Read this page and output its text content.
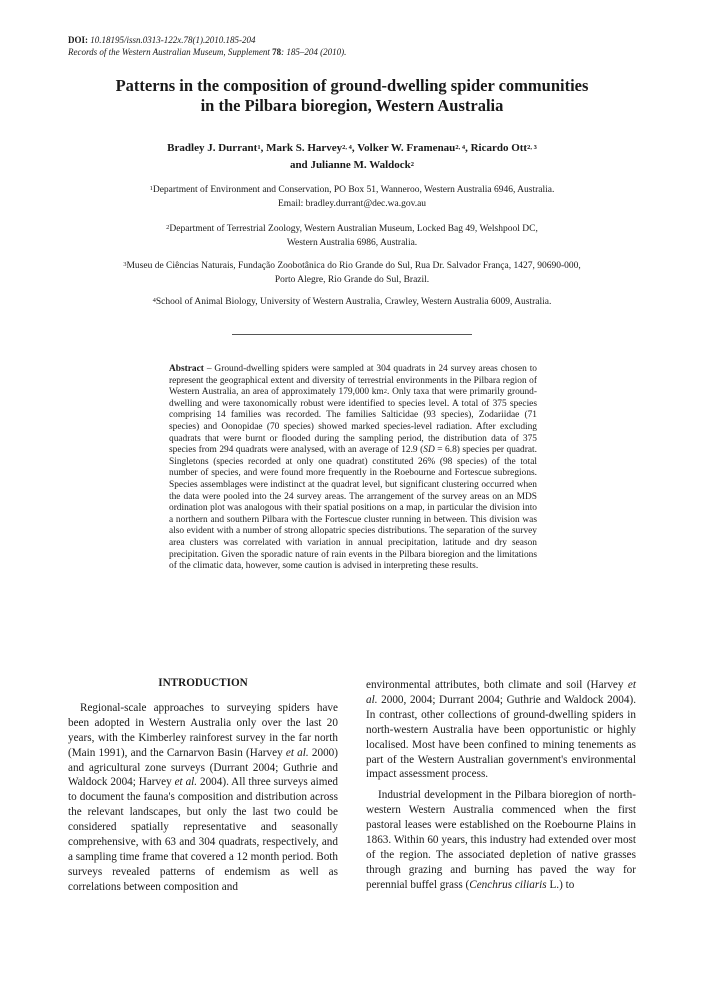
DOI: 10.18195/issn.0313-122x.78(1).2010.185-204
Records of the Western Australian Museum, Supplement 78: 185–204 (2010).
Patterns in the composition of ground-dwelling spider communities
in the Pilbara bioregion, Western Australia
Bradley J. Durrant$^1$, Mark S. Harvey$^{2, 4}$, Volker W. Framenau$^{2, 4}$, Ricardo Ott$^{2, 3}$
and Julianne M. Waldock$^2$
$^1$Department of Environment and Conservation, PO Box 51, Wanneroo, Western Australia 6946, Australia.
Email: bradley.durrant@dec.wa.gov.au
$^2$Department of Terrestrial Zoology, Western Australian Museum, Locked Bag 49, Welshpool DC,
Western Australia 6986, Australia.
$^3$Museu de Ciências Naturais, Fundação Zoobotânica do Rio Grande do Sul, Rua Dr. Salvador França, 1427, 90690-000,
Porto Alegre, Rio Grande do Sul, Brazil.
$^4$School of Animal Biology, University of Western Australia, Crawley, Western Australia 6009, Australia.
Abstract – Ground-dwelling spiders were sampled at 304 quadrats in 24 survey areas chosen to represent the geographical extent and diversity of terrestrial environments in the Pilbara region of Western Australia, an area of approximately 179,000 $km^2$. Only taxa that were primarily ground-dwelling and were taxonomically robust were identified to species level. A total of 375 species comprising 14 families was recorded. The families Salticidae (93 species), Zodariidae (71 species) and Oonopidae (70 species) showed marked species-level radiation. After excluding quadrats that were burnt or flooded during the sampling period, the distribution data of 375 species from 294 quadrats were analysed, with an average of 12.9 (SD = 6.8) species per quadrat. Singletons (species recorded at only one quadrat) constituted 26% (98 species) of the total number of species, and were found more frequently in the Roebourne and Fortescue subregions. Species assemblages were indistinct at the quadrat level, but significant clustering occurred when the data were pooled into the 24 survey areas. The arrangement of the survey areas on an MDS ordination plot was analogous with their spatial positions on a map, in particular the division into a northern and southern Pilbara with the Fortescue cluster running in between. This division was also evident with a number of strong allopatric species distributions. The separation of the survey area clusters was correlated with variation in annual precipitation, latitude and dry season precipitation. Given the sporadic nature of rain events in the Pilbara bioregion and the limitations of the climatic data, however, some caution is advised in interpreting these results.
INTRODUCTION

Regional-scale approaches to surveying spiders have been adopted in Western Australia only over the last 20 years, with the Kimberley rainforest survey in the far north (Main 1991), and the Carnarvon Basin (Harvey et al. 2000) and agricultural zone surveys (Durrant 2004; Guthrie and Waldock 2004; Harvey et al. 2004). All three surveys aimed to document the fauna's composition and distribution across the relevant landscapes, but only the last two could be considered spatially representative and seasonally comprehensive, with 63 and 304 quadrats, respectively, and a sampling time frame that covered a 12 month period. Both surveys revealed patterns of endemism as well as correlations between composition and

environmental attributes, both climate and soil (Harvey et al. 2000, 2004; Durrant 2004; Guthrie and Waldock 2004). In contrast, other collections of ground-dwelling spiders in north-western Australia have been opportunistic or highly localised. Most have been confined to mining tenements as part of the Western Australian government's environmental impact assessment process.

Industrial development in the Pilbara bioregion of north-western Western Australia commenced when the first pastoral leases were established on the Roebourne Plains in 1863. Within 60 years, this industry had extended over most of the region. The associated depletion of native grasses through grazing and burning has paved the way for perennial buffel grass (Cenchrus ciliaris L.) to
